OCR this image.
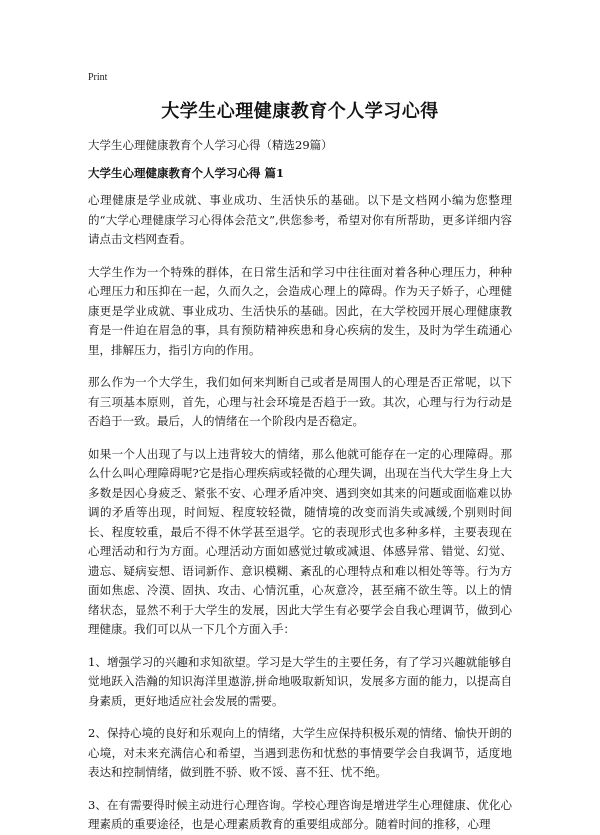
Print
大学生心理健康教育个人学习心得
大学生心理健康教育个人学习心得（精选29篇）
大学生心理健康教育个人学习心得 篇1

心理健康是学业成就、事业成功、生活快乐的基础。以下是文档网小编为您整理的“大学心理健康学习心得体会范文”,供您参考，希望对你有所帮助，更多详细内容请点击文档网查看。

大学生作为一个特殊的群体，在日常生活和学习中往往面对着各种心理压力，种种心理压力和压抑在一起，久而久之，会造成心理上的障碍。作为天子娇子，心理健康更是学业成就、事业成功、生活快乐的基础。因此，在大学校园开展心理健康教育是一件迫在眉急的事，具有预防精神疾患和身心疾病的发生，及时为学生疏通心里，排解压力，指引方向的作用。

那么作为一个大学生，我们如何来判断自己或者是周围人的心理是否正常呢，以下有三项基本原则，首先，心理与社会环境是否趋于一致。其次，心理与行为行动是否趋于一致。最后，人的情绪在一个阶段内是否稳定。

如果一个人出现了与以上违背较大的情绪，那么他就可能存在一定的心理障碍。那么什么叫心理障碍呢?它是指心理疾病或轻微的心理失调，出现在当代大学生身上大多数是因心身疲乏、紧张不安、心理矛盾冲突、遇到突如其来的问题或面临难以协调的矛盾等出现，时间短、程度较轻微，随情境的改变而消失或减缓,个别则时间长、程度较重，最后不得不休学甚至退学。它的表现形式也多种多样，主要表现在心理活动和行为方面。心理活动方面如感觉过敏或减退、体感异常、错觉、幻觉、遗忘、疑病妄想、语词新作、意识模糊、紊乱的心理特点和难以相处等等。行为方面如焦虑、冷漠、固执、攻击、心情沉重，心灰意冷，甚至痛不欲生等。以上的情绪状态，显然不利于大学生的发展，因此大学生有必要学会自我心理调节，做到心理健康。我们可以从一下几个方面入手：

1、增强学习的兴趣和求知欲望。学习是大学生的主要任务，有了学习兴趣就能够自觉地跃入浩瀚的知识海洋里遨游,拼命地吸取新知识，发展多方面的能力，以提高自身素质，更好地适应社会发展的需要。

2、保持心境的良好和乐观向上的情绪，大学生应保持积极乐观的情绪、愉快开朗的心境，对未来充满信心和希望，当遇到悲伤和忧愁的事情要学会自我调节，适度地表达和控制情绪，做到胜不骄、败不馁、喜不狂、忧不绝。

3、在有需要得时候主动进行心理咨询。学校心理咨询是增进学生心理健康、优化心理素质的重要途径，也是心理素质教育的重要组成部分。随着时间的推移，心理
